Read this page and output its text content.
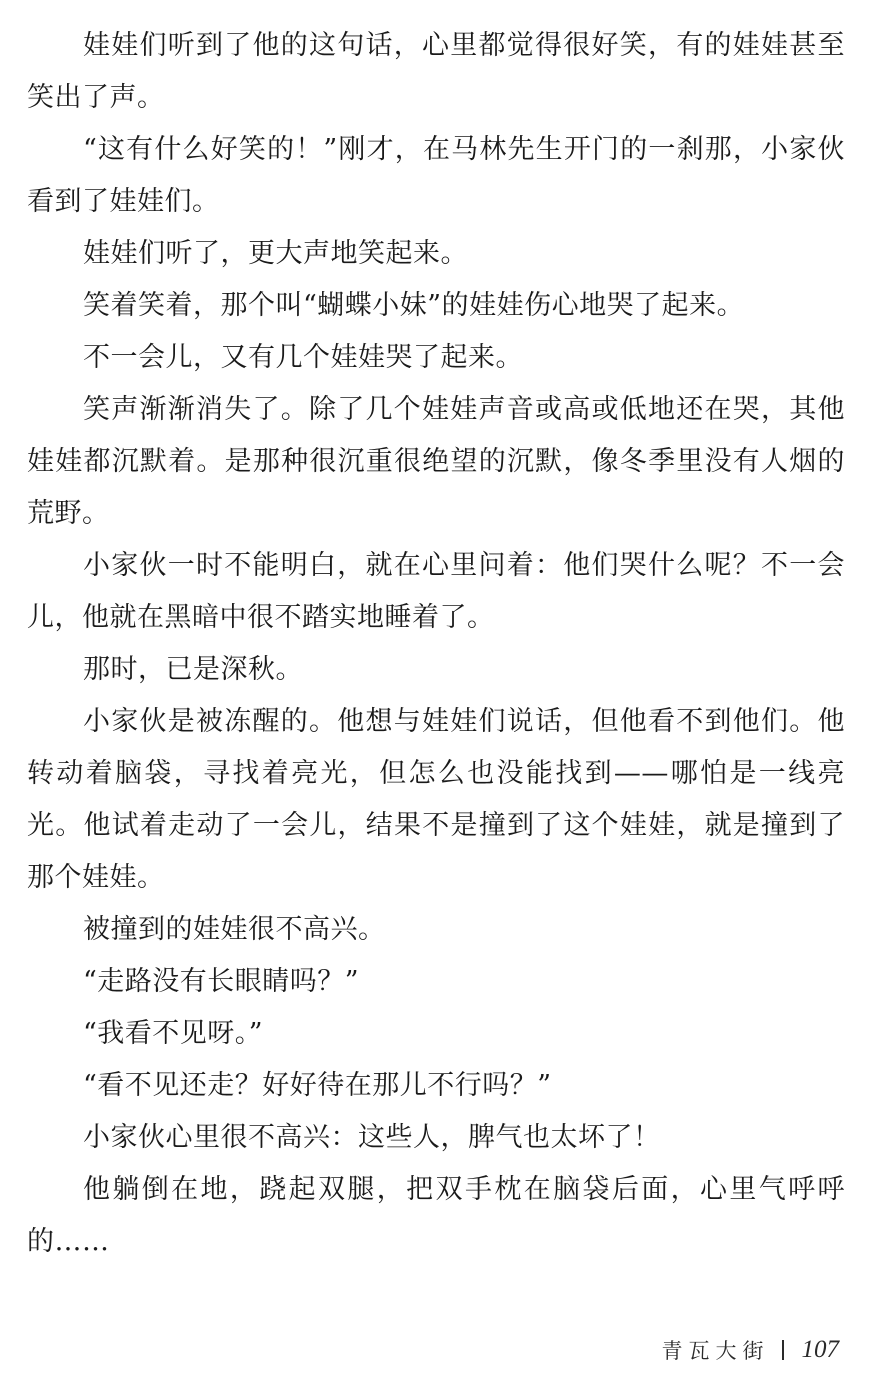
娃娃们听到了他的这句话，心里都觉得很好笑，有的娃娃甚至笑出了声。

“这有什么好笑的！”刚才，在马林先生开门的一刹那，小家伙看到了娃娃们。

娃娃们听了，更大声地笑起来。

笑着笑着，那个叫“蝴蝶小妹”的娃娃伤心地哭了起来。

不一会儿，又有几个娃娃哭了起来。

笑声渐渐消失了。除了几个娃娃声音或高或低地还在哭，其他娃娃都沉默着。是那种很沉重很绝望的沉默，像冬季里没有人烟的荒野。

小家伙一时不能明白，就在心里问着：他们哭什么呢？不一会儿，他就在黑暗中很不踏实地睡着了。

那时，已是深秋。

小家伙是被冻醒的。他想与娃娃们说话，但他看不到他们。他转动着脑袋，寻找着亮光，但怎么也没能找到——哪怕是一线亮光。他试着走动了一会儿，结果不是撞到了这个娃娃，就是撞到了那个娃娃。

被撞到的娃娃很不高兴。

“走路没有长眼睛吗？”

“我看不见呀。”

“看不见还走？好好待在那儿不行吗？”

小家伙心里很不高兴：这些人，脾气也太坏了！

他躺倒在地，跷起双腿，把双手枕在脑袋后面，心里气呼呼的……

青瓦大街 107
